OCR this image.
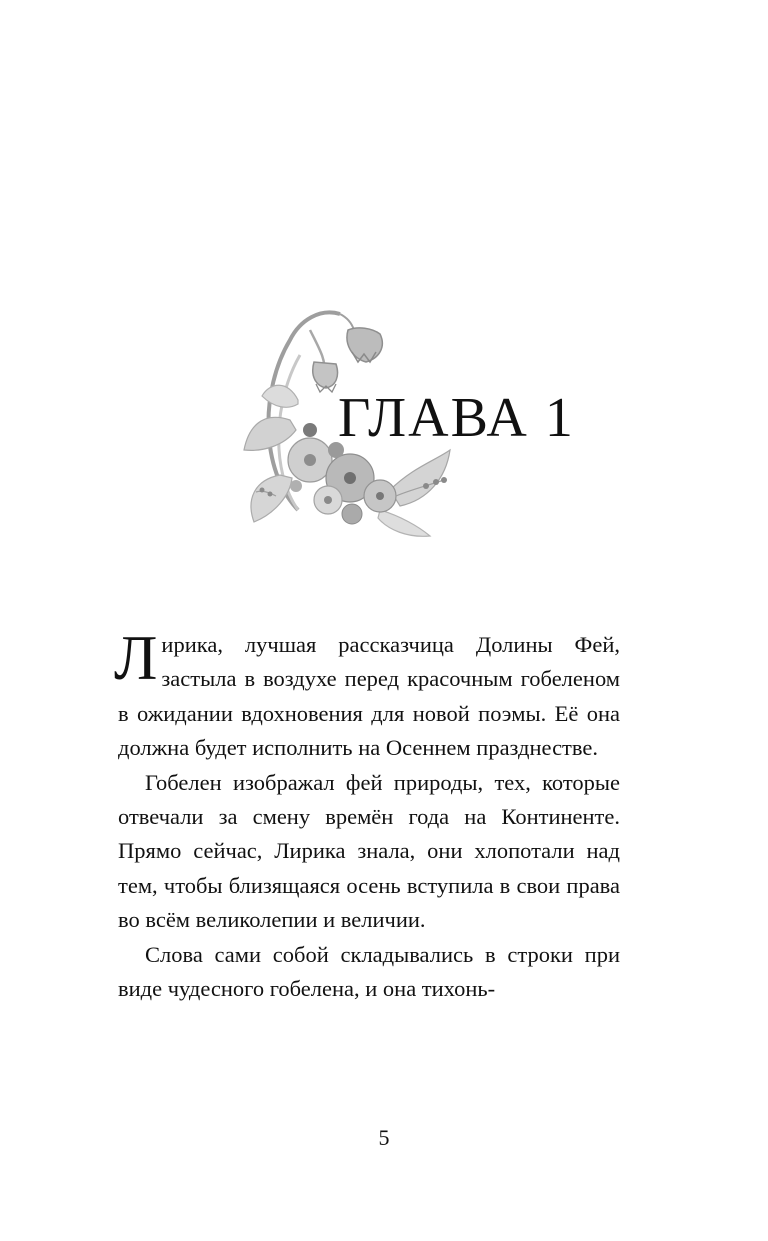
ГЛАВА 1

Лирика, лучшая рассказчица Долины Фей, застыла в воздухе перед красочным гобеленом в ожидании вдохновения для новой поэмы. Её она должна будет исполнить на Осеннем празднестве.

Гобелен изображал фей природы, тех, которые отвечали за смену времён года на Континенте. Прямо сейчас, Лирика знала, они хлопотали над тем, чтобы близящаяся осень вступила в свои права во всём великолепии и величии.

Слова сами собой складывались в строки при виде чудесного гобелена, и она тихонь-

5
